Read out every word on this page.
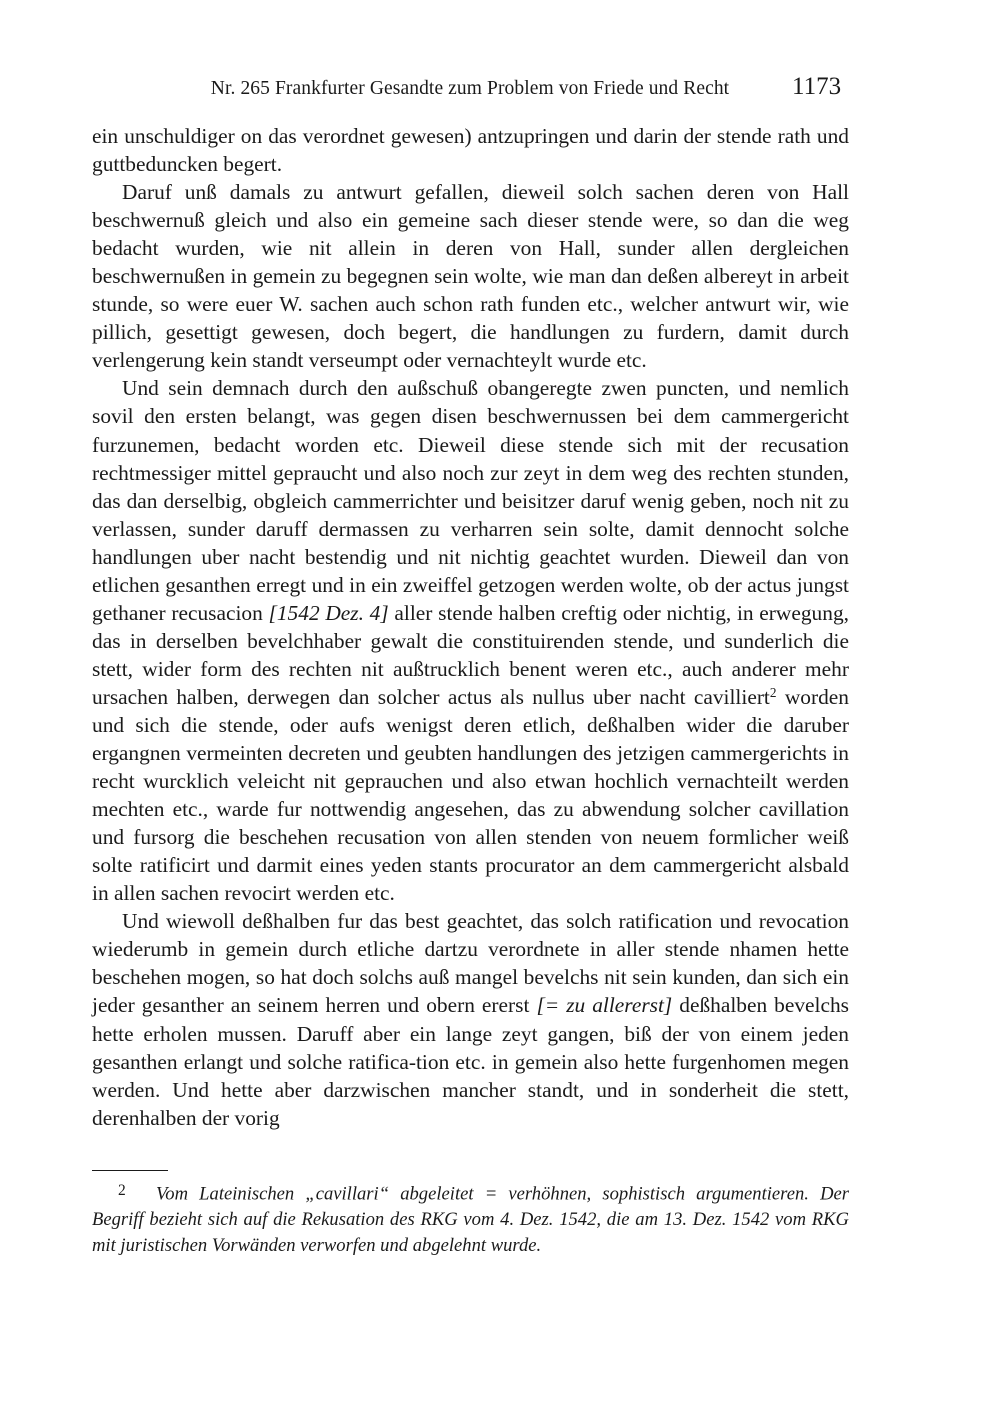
Nr. 265 Frankfurter Gesandte zum Problem von Friede und Recht	1173

ein unschuldiger on das verordnet gewesen) antzupringen und darin der stende rath und guttbeduncken begert.

Daruf unß damals zu antwurt gefallen, dieweil solch sachen deren von Hall beschwernuß gleich und also ein gemeine sach dieser stende were, so dan die weg bedacht wurden, wie nit allein in deren von Hall, sunder allen dergleichen beschwernußen in gemein zu begegnen sein wolte, wie man dan deßen albereyt in arbeit stunde, so were euer W. sachen auch schon rath funden etc., welcher antwurt wir, wie pillich, gesettigt gewesen, doch begert, die handlungen zu furdern, damit durch verlengerung kein standt verseumpt oder vernachteylt wurde etc.

Und sein demnach durch den außschuß obangeregte zwen puncten, und nemlich sovil den ersten belangt, was gegen disen beschwernussen bei dem cammergericht furzunemen, bedacht worden etc. Dieweil diese stende sich mit der recusation rechtmessiger mittel gepraucht und also noch zur zeyt in dem weg des rechten stunden, das dan derselbig, obgleich cammerrichter und beisitzer daruf wenig geben, noch nit zu verlassen, sunder daruff dermassen zu verharren sein solte, damit dennocht solche handlungen uber nacht bestendig und nit nichtig geachtet wurden. Dieweil dan von etlichen gesanthen erregt und in ein zweiffel getzogen werden wolte, ob der actus jungst gethaner recusacion [1542 Dez. 4] aller stende halben creftig oder nichtig, in erwegung, das in derselben bevelchhaber gewalt die constituirenden stende, und sunderlich die stett, wider form des rechten nit außtrucklich benent weren etc., auch anderer mehr ursachen halben, derwegen dan solcher actus als nullus uber nacht cavilliert$^2$ worden und sich die stende, oder aufs wenigst deren etlich, deßhalben wider die daruber ergangnen vermeinten decreten und geubten handlungen des jetzigen cammergerichts in recht wurcklich veleicht nit geprauchen und also etwan hochlich vernachteilt werden mechten etc., warde fur nottwendig angesehen, das zu abwendung solcher cavillation und fursorg die beschehen recusation von allen stenden von neuem formlicher weiß solte ratificirt und darmit eines yeden stants procurator an dem cammergericht alsbald in allen sachen revocirt werden etc.

Und wiewoll deßhalben fur das best geachtet, das solch ratification und revocation wiederumb in gemein durch etliche dartzu verordnete in aller stende nhamen hette beschehen mogen, so hat doch solchs auß mangel bevelchs nit sein kunden, dan sich ein jeder gesanther an seinem herren und obern ererst [= zu allererst] deßhalben bevelchs hette erholen mussen. Daruff aber ein lange zeyt gangen, biß der von einem jeden gesanthen erlangt und solche ratifica-tion etc. in gemein also hette furgenhomen megen werden. Und hette aber darzwischen mancher standt, und in sonderheit die stett, derenhalben der vorig

2 Vom Lateinischen „cavillari“ abgeleitet = verhöhnen, sophistisch argumentieren. Der Begriff bezieht sich auf die Rekusation des RKG vom 4. Dez. 1542, die am 13. Dez. 1542 vom RKG mit juristischen Vorwänden verworfen und abgelehnt wurde.
